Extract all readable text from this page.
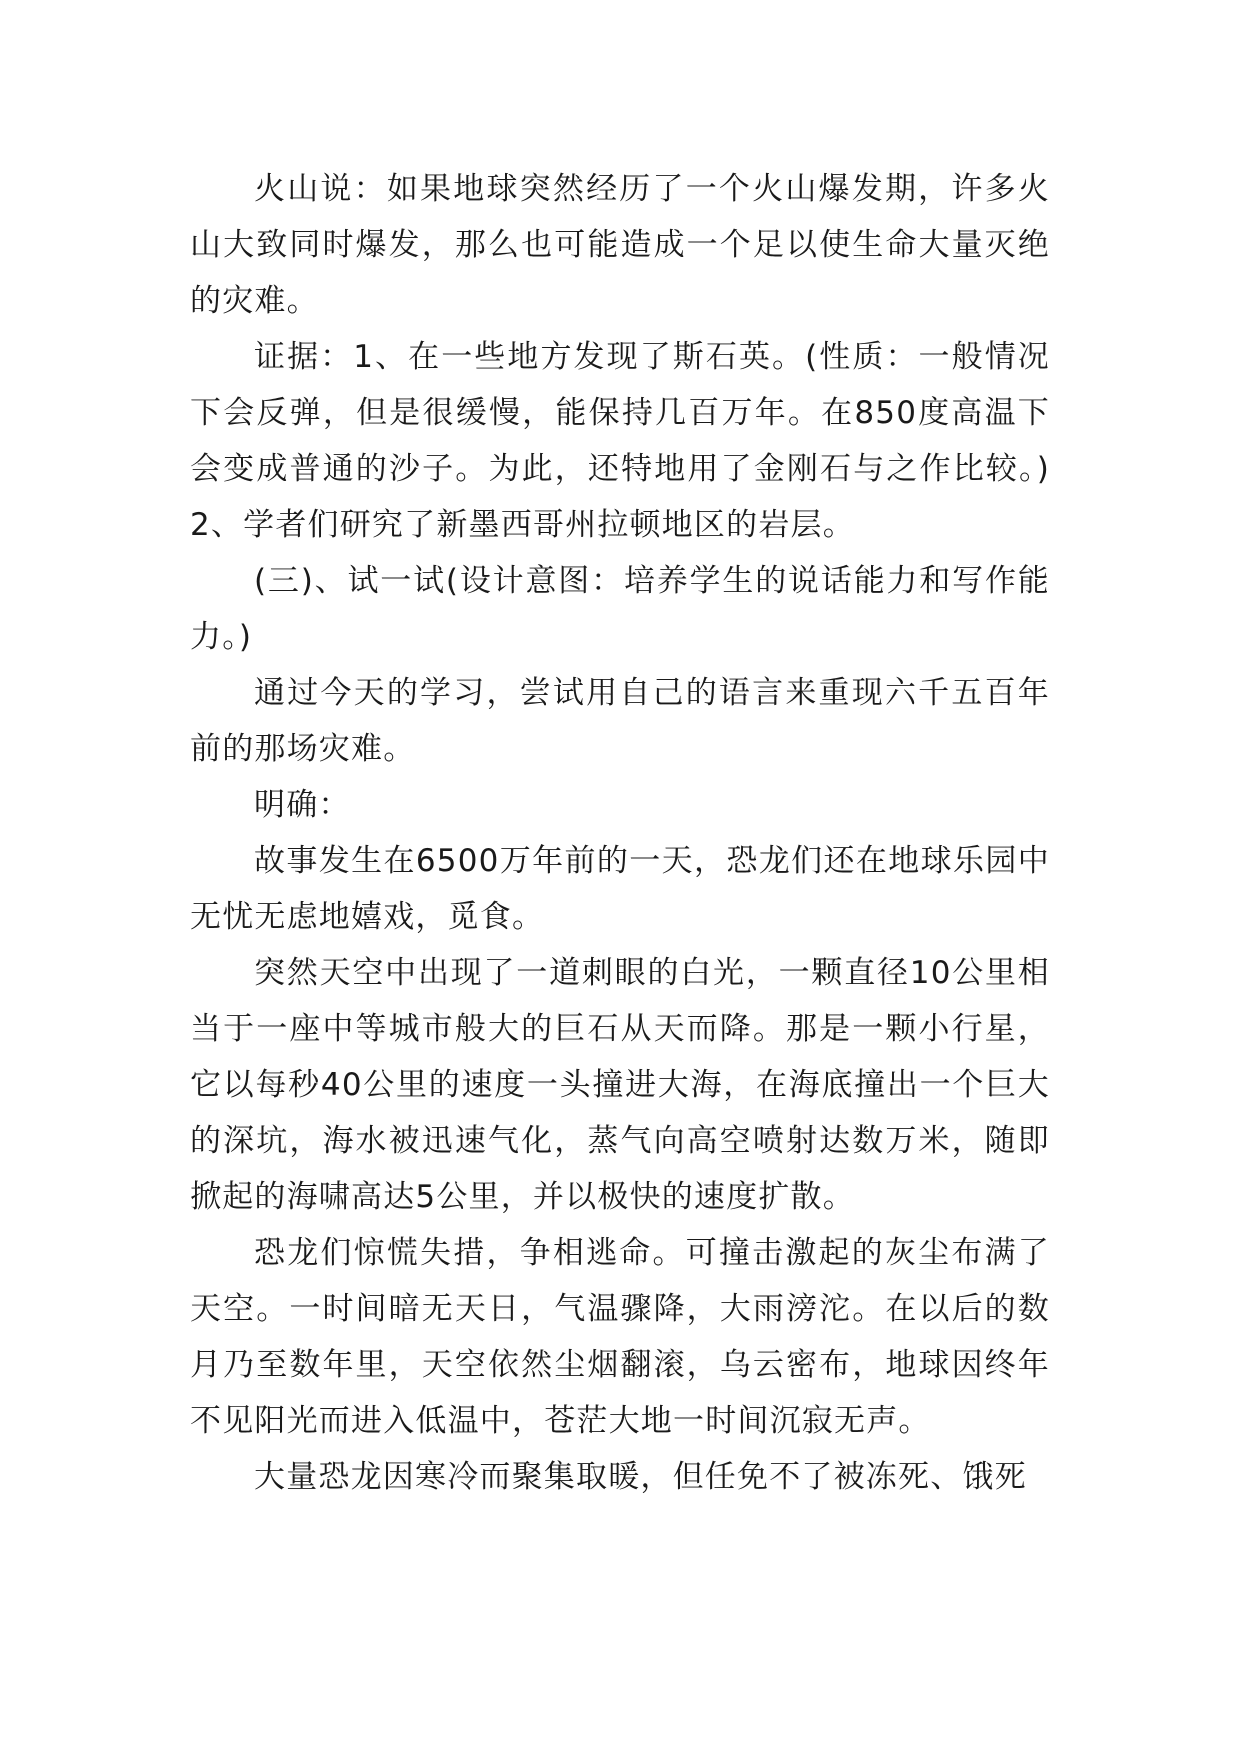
火山说：如果地球突然经历了一个火山爆发期，许多火山大致同时爆发，那么也可能造成一个足以使生命大量灭绝的灾难。

证据：1、在一些地方发现了斯石英。(性质：一般情况下会反弹，但是很缓慢，能保持几百万年。在850度高温下会变成普通的沙子。为此，还特地用了金刚石与之作比较。)2、学者们研究了新墨西哥州拉顿地区的岩层。

(三)、试一试(设计意图：培养学生的说话能力和写作能力。)

通过今天的学习，尝试用自己的语言来重现六千五百年前的那场灾难。

明确：

故事发生在6500万年前的一天，恐龙们还在地球乐园中无忧无虑地嬉戏，觅食。

突然天空中出现了一道刺眼的白光，一颗直径10公里相当于一座中等城市般大的巨石从天而降。那是一颗小行星，它以每秒40公里的速度一头撞进大海，在海底撞出一个巨大的深坑，海水被迅速气化，蒸气向高空喷射达数万米，随即掀起的海啸高达5公里，并以极快的速度扩散。

恐龙们惊慌失措，争相逃命。可撞击激起的灰尘布满了天空。一时间暗无天日，气温骤降，大雨滂沱。在以后的数月乃至数年里，天空依然尘烟翻滚，乌云密布，地球因终年不见阳光而进入低温中，苍茫大地一时间沉寂无声。

大量恐龙因寒冷而聚集取暖，但任免不了被冻死、饿死
